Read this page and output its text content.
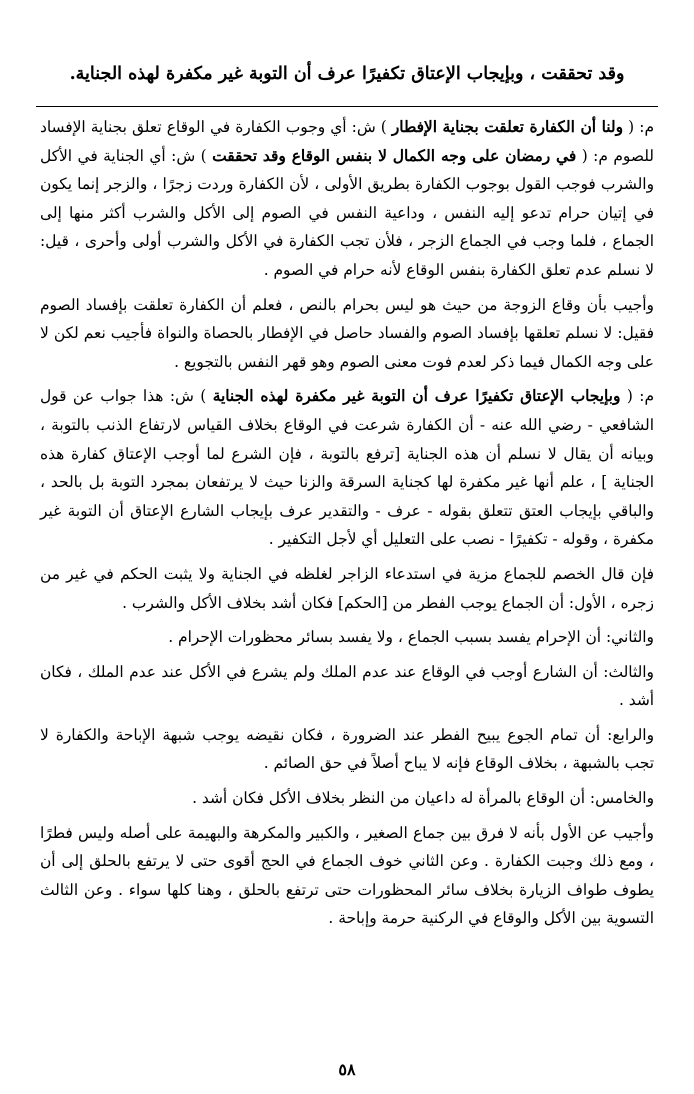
وقد تحققت ، وبإيجاب الإعتاق تكفيرًا عرف أن التوبة غير مكفرة لهذه الجناية.

م: ( ولنا أن الكفارة تعلقت بجناية الإفطار ) ش: أي وجوب الكفارة في الوقاع تعلق بجناية الإفساد للصوم م: ( في رمضان على وجه الكمال لا بنفس الوقاع وقد تحققت ) ش: أي الجناية في الأكل والشرب فوجب القول بوجوب الكفارة بطريق الأولى ، لأن الكفارة وردت زجرًا ، والزجر إنما يكون في إتيان حرام تدعو إليه النفس ، وداعية النفس في الصوم إلى الأكل والشرب أكثر منها إلى الجماع ، فلما وجب في الجماع الزجر ، فلأن تجب الكفارة في الأكل والشرب أولى وأحرى ، قيل: لا نسلم عدم تعلق الكفارة بنفس الوقاع لأنه حرام في الصوم .

وأجيب بأن وقاع الزوجة من حيث هو ليس بحرام بالنص ، فعلم أن الكفارة تعلقت بإفساد الصوم فقيل: لا نسلم تعلقها بإفساد الصوم والفساد حاصل في الإفطار بالحصاة والنواة فأجيب نعم لكن لا على وجه الكمال فيما ذكر لعدم فوت معنى الصوم وهو قهر النفس بالتجويع .

م: ( وبإيجاب الإعتاق تكفيرًا عرف أن التوبة غير مكفرة لهذه الجناية ) ش: هذا جواب عن قول الشافعي - رضي الله عنه - أن الكفارة شرعت في الوقاع بخلاف القياس لارتفاع الذنب بالتوبة ، وبيانه أن يقال لا نسلم أن هذه الجناية [ترفع بالتوبة ، فإن الشرع لما أوجب الإعتاق كفارة هذه الجناية ] ، علم أنها غير مكفرة لها كجناية السرقة والزنا حيث لا يرتفعان بمجرد التوبة بل بالحد ، والباقي بإيجاب العتق تتعلق بقوله - عرف - والتقدير عرف بإيجاب الشارع الإعتاق أن التوبة غير مكفرة ، وقوله - تكفيرًا - نصب على التعليل أي لأجل التكفير .

فإن قال الخصم للجماع مزية في استدعاء الزاجر لغلظه في الجناية ولا يثبت الحكم في غير من زجره ، الأول: أن الجماع يوجب الفطر من [الحكم] فكان أشد بخلاف الأكل والشرب .

والثاني: أن الإحرام يفسد بسبب الجماع ، ولا يفسد بسائر محظورات الإحرام .

والثالث: أن الشارع أوجب في الوقاع عند عدم الملك ولم يشرع في الأكل عند عدم الملك ، فكان أشد .

والرابع: أن تمام الجوع يبيح الفطر عند الضرورة ، فكان نقيضه يوجب شبهة الإباحة والكفارة لا تجب بالشبهة ، بخلاف الوقاع فإنه لا يباح أصلاً في حق الصائم .

والخامس: أن الوقاع بالمرأة له داعيان من النظر بخلاف الأكل فكان أشد .

وأجيب عن الأول بأنه لا فرق بين جماع الصغير ، والكبير والمكرهة والبهيمة على أصله وليس فطرًا ، ومع ذلك وجبت الكفارة . وعن الثاني خوف الجماع في الحج أقوى حتى لا يرتفع بالحلق إلى أن يطوف طواف الزيارة بخلاف سائر المحظورات حتى ترتفع بالحلق ، وهنا كلها سواء . وعن الثالث التسوية بين الأكل والوقاع في الركنية حرمة وإباحة .

٥٨
